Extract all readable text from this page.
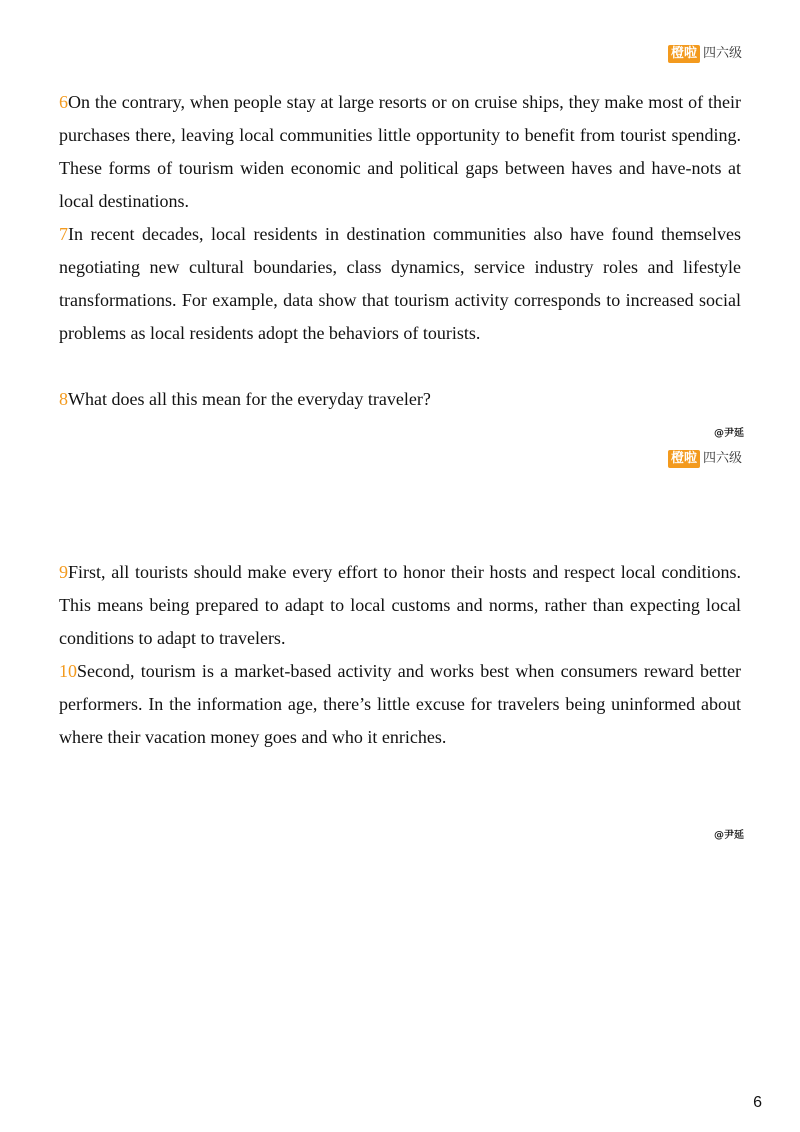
橙啦 四六级

6On the contrary, when people stay at large resorts or on cruise ships, they make most of their purchases there, leaving local communities little opportunity to benefit from tourist spending. These forms of tourism widen economic and political gaps between haves and have-nots at local destinations.

7In recent decades, local residents in destination communities also have found themselves negotiating new cultural boundaries, class dynamics, service industry roles and lifestyle transformations. For example, data show that tourism activity corresponds to increased social problems as local residents adopt the behaviors of tourists.

8What does all this mean for the everyday traveler?

@尹延
橙啦 四六级

9First, all tourists should make every effort to honor their hosts and respect local conditions. This means being prepared to adapt to local customs and norms, rather than expecting local conditions to adapt to travelers.

10Second, tourism is a market-based activity and works best when consumers reward better performers. In the information age, there’s little excuse for travelers being uninformed about where their vacation money goes and who it enriches.

@尹延
6
